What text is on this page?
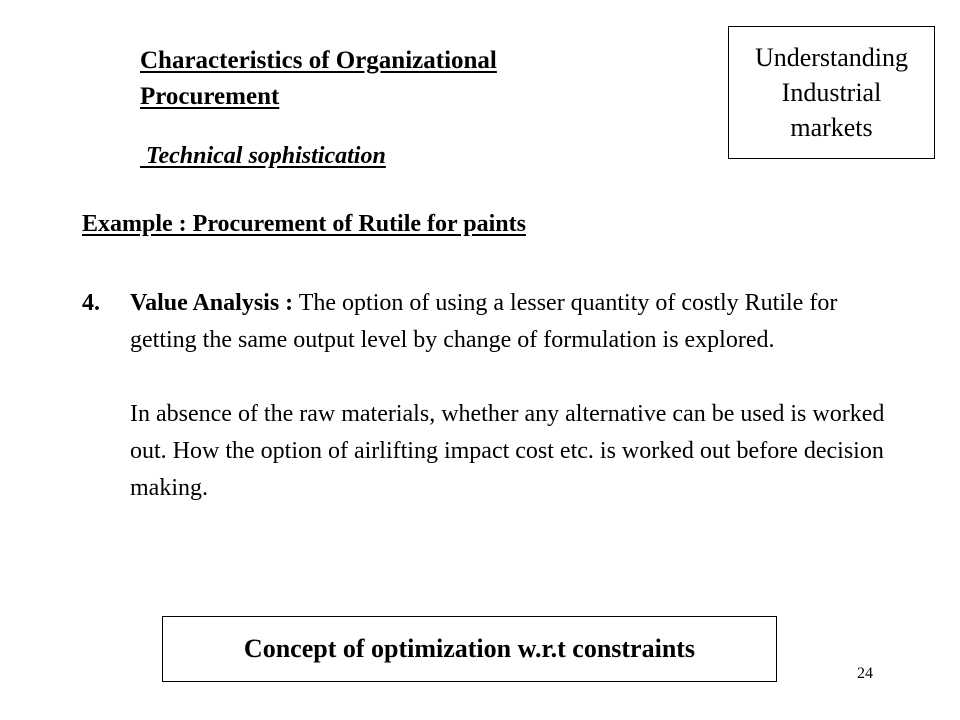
Characteristics of Organizational
Procurement
Technical sophistication
Understanding
Industrial
markets
Example : Procurement of Rutile for paints
4. Value Analysis : The option of using a lesser quantity of costly Rutile for getting the same output level by change of formulation is explored.

In absence of the raw materials, whether any alternative can be used is worked out. How the option of airlifting impact cost etc. is worked out before decision making.

Concept of optimization w.r.t constraints
24
